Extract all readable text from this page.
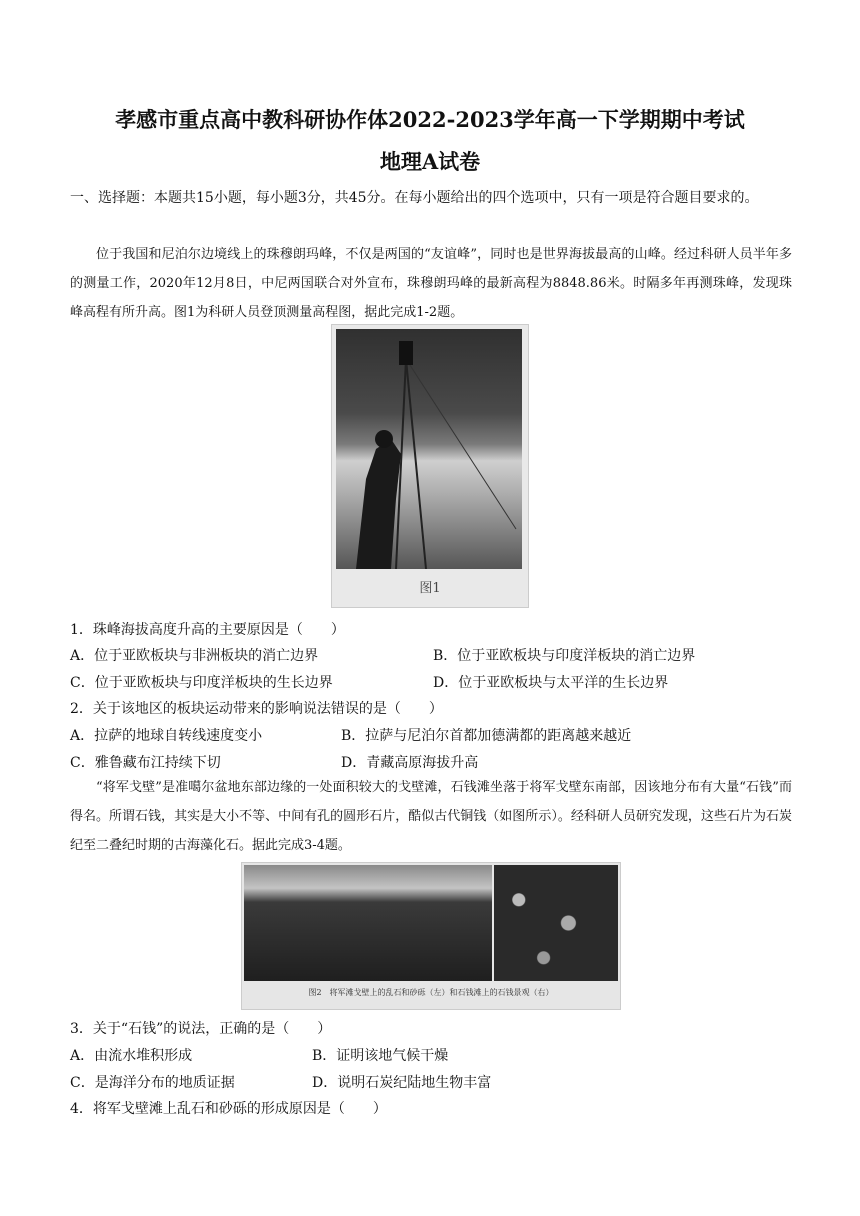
孝感市重点高中教科研协作体2022-2023学年高一下学期期中考试
地理A试卷
一、选择题：本题共15小题，每小题3分，共45分。在每小题给出的四个选项中，只有一项是符合题目要求的。
位于我国和尼泊尔边境线上的珠穆朗玛峰，不仅是两国的“友谊峰”，同时也是世界海拔最高的山峰。经过科研人员半年多的测量工作，2020年12月8日，中尼两国联合对外宣布，珠穆朗玛峰的最新高程为8848.86米。时隔多年再测珠峰，发现珠峰高程有所升高。图1为科研人员登顶测量高程图，据此完成1-2题。
图1
1．珠峰海拔高度升高的主要原因是（　　）
A．位于亚欧板块与非洲板块的消亡边界	B．位于亚欧板块与印度洋板块的消亡边界
C．位于亚欧板块与印度洋板块的生长边界	D．位于亚欧板块与太平洋的生长边界
2．关于该地区的板块运动带来的影响说法错误的是（　　）
A．拉萨的地球自转线速度变小	B．拉萨与尼泊尔首都加德满都的距离越来越近
C．雅鲁藏布江持续下切	D．青藏高原海拔升高
“将军戈壁”是准噶尔盆地东部边缘的一处面积较大的戈壁滩，石钱滩坐落于将军戈壁东南部，因该地分布有大量“石钱”而得名。所谓石钱，其实是大小不等、中间有孔的圆形石片，酷似古代铜钱（如图所示）。经科研人员研究发现，这些石片为石炭纪至二叠纪时期的古海藻化石。据此完成3-4题。
图2　将军滩戈壁上的乱石和砂砾（左）和石钱滩上的石钱景观（右）
3．关于“石钱”的说法，正确的是（　　）
A．由流水堆积形成	B．证明该地气候干燥
C．是海洋分布的地质证据	D．说明石炭纪陆地生物丰富
4．将军戈壁滩上乱石和砂砾的形成原因是（　　）
